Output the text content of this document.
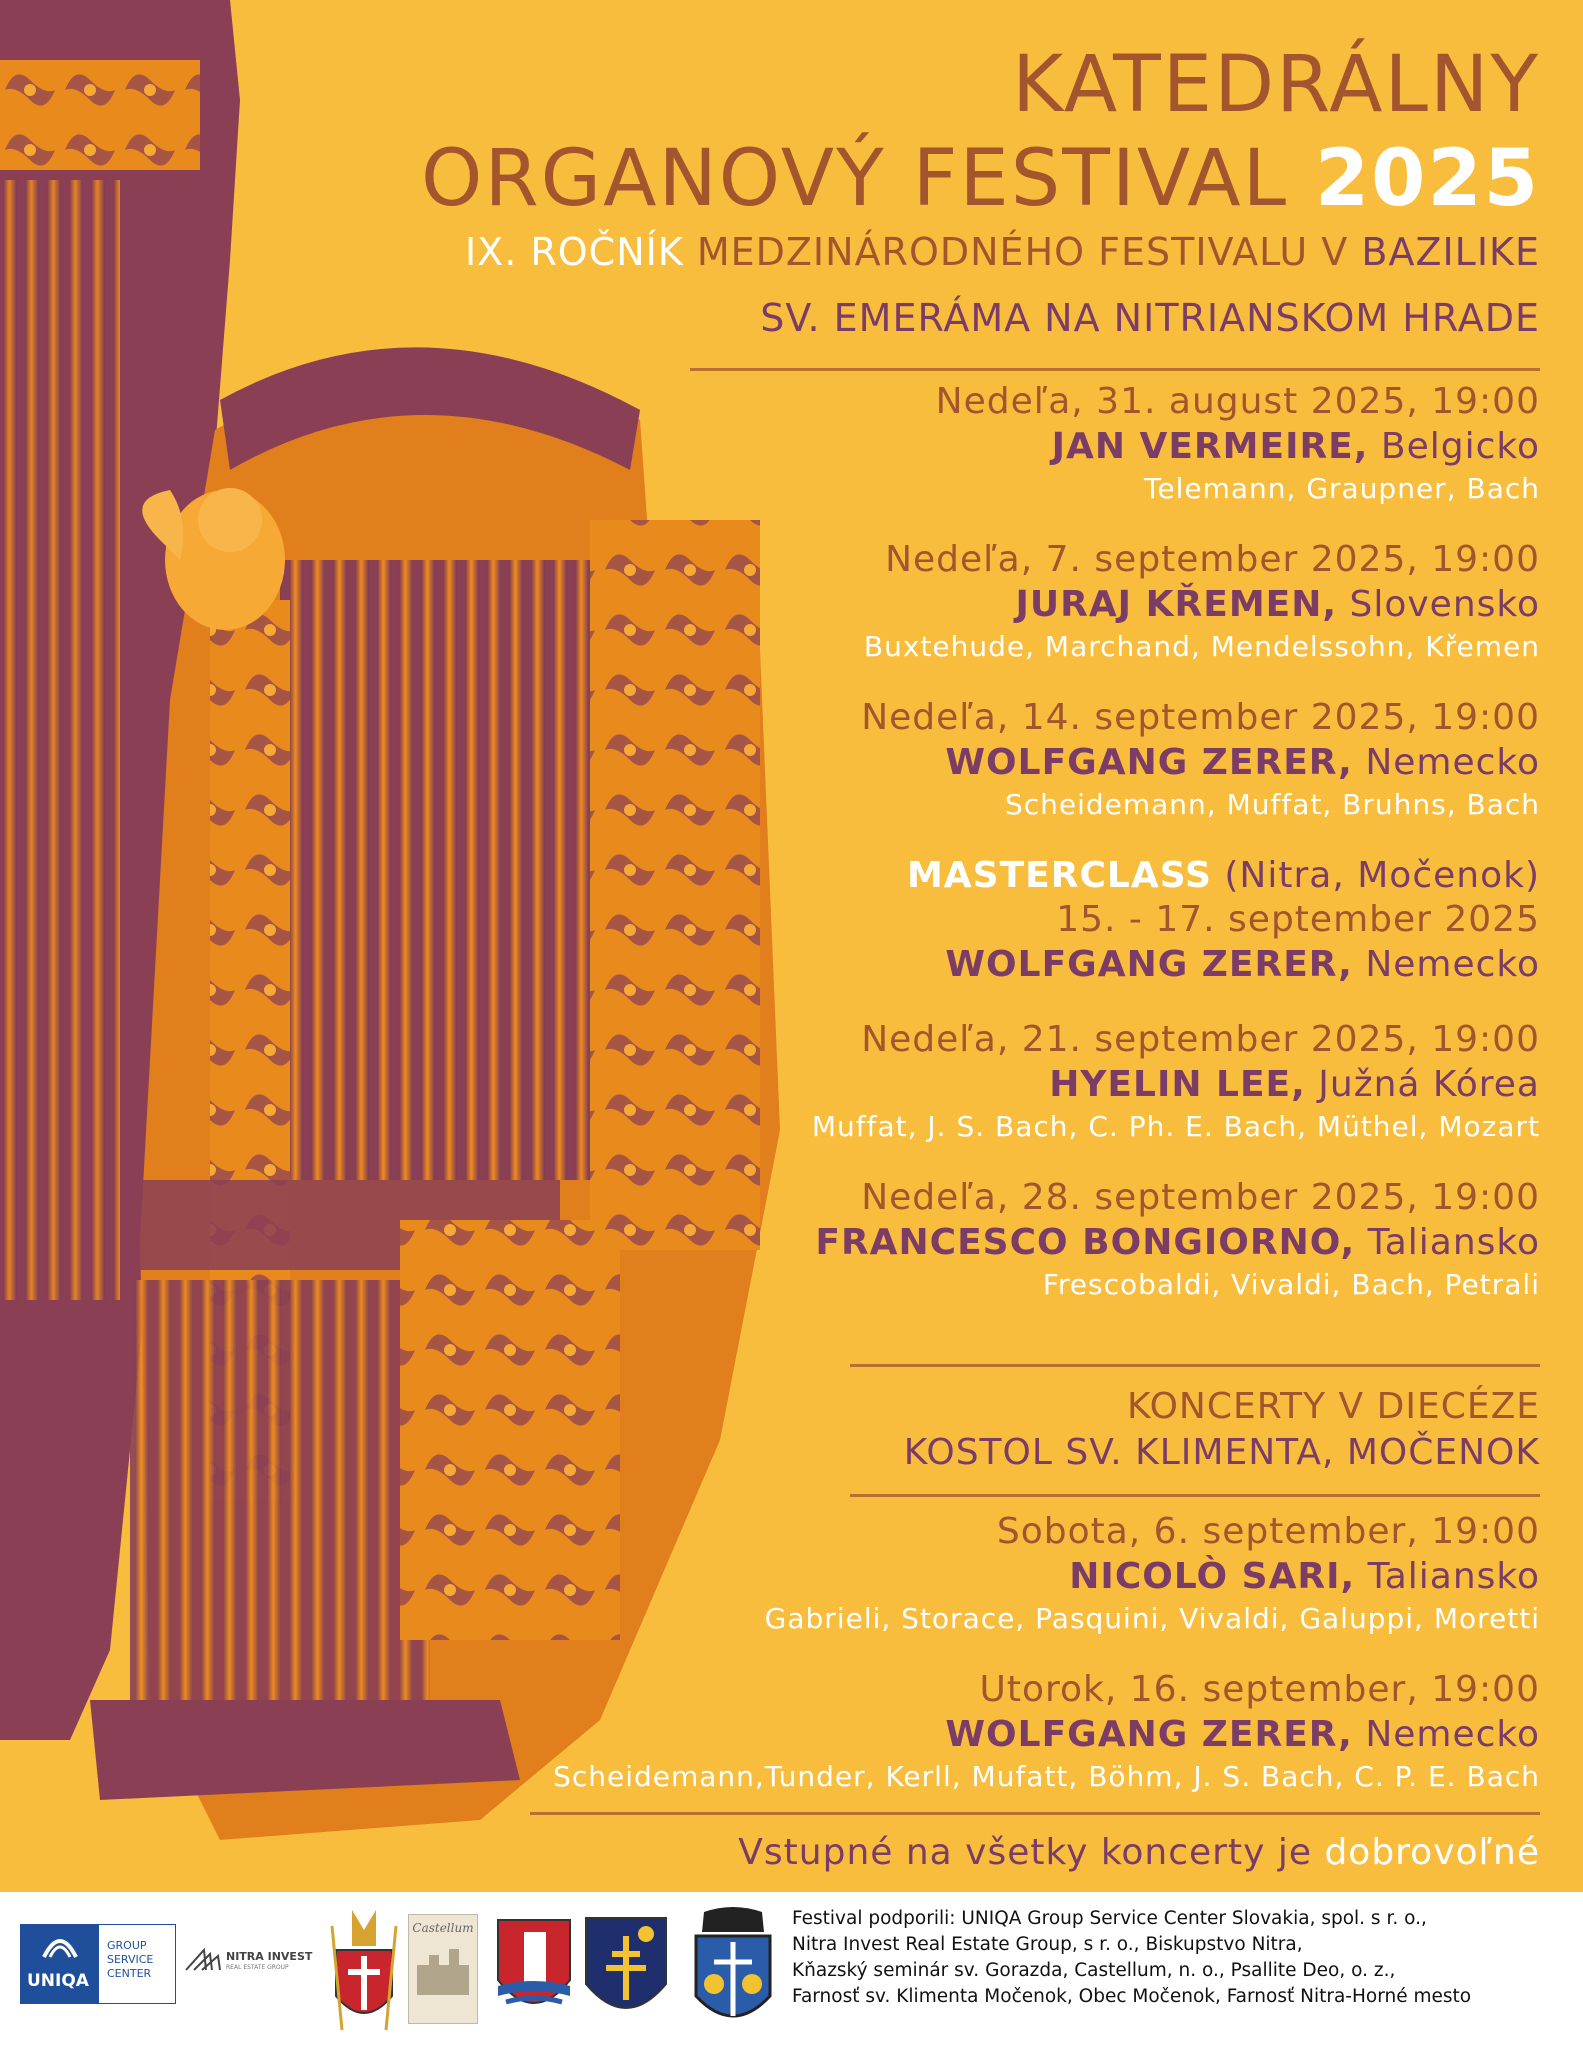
KATEDRÁLNY
ORGANOVÝ FESTIVAL 2025
IX. ROČNÍK MEDZINÁRODNÉHO FESTIVALU V BAZILIKE
SV. EMERÁMA NA NITRIANSKOM HRADE
Nedeľa, 31. august 2025, 19:00
JAN VERMEIRE, Belgicko
Telemann, Graupner, Bach
Nedeľa, 7. september 2025, 19:00
JURAJ KŘEMEN, Slovensko
Buxtehude, Marchand, Mendelssohn, Křemen
Nedeľa, 14. september 2025, 19:00
WOLFGANG ZERER, Nemecko
Scheidemann, Muffat, Bruhns, Bach
MASTERCLASS (Nitra, Močenok)
15. - 17. september 2025
WOLFGANG ZERER, Nemecko
Nedeľa, 21. september 2025, 19:00
HYELIN LEE, Južná Kórea
Muffat, J. S. Bach, C. Ph. E. Bach, Müthel, Mozart
Nedeľa, 28. september 2025, 19:00
FRANCESCO BONGIORNO, Taliansko
Frescobaldi, Vivaldi, Bach, Petrali
KONCERTY V DIECÉZE
KOSTOL SV. KLIMENTA, MOČENOK
Sobota, 6. september, 19:00
NICOLÒ SARI, Taliansko
Gabrieli, Storace, Pasquini, Vivaldi, Galuppi, Moretti
Utorok, 16. september, 19:00
WOLFGANG ZERER, Nemecko
Scheidemann,Tunder, Kerll, Mufatt, Böhm, J. S. Bach, C. P. E. Bach
Vstupné na všetky koncerty je dobrovoľné
UNIQA
GROUP
SERVICE
CENTER
NITRA INVEST
REAL ESTATE GROUP
Castellum	Festival podporili: UNIQA Group Service Center Slovakia, spol. s r. o.,
Nitra Invest Real Estate Group, s r. o., Biskupstvo Nitra,
Kňazský seminár sv. Gorazda, Castellum, n. o., Psallite Deo, o. z.,
Farnosť sv. Klimenta Močenok, Obec Močenok, Farnosť Nitra-Horné mesto
